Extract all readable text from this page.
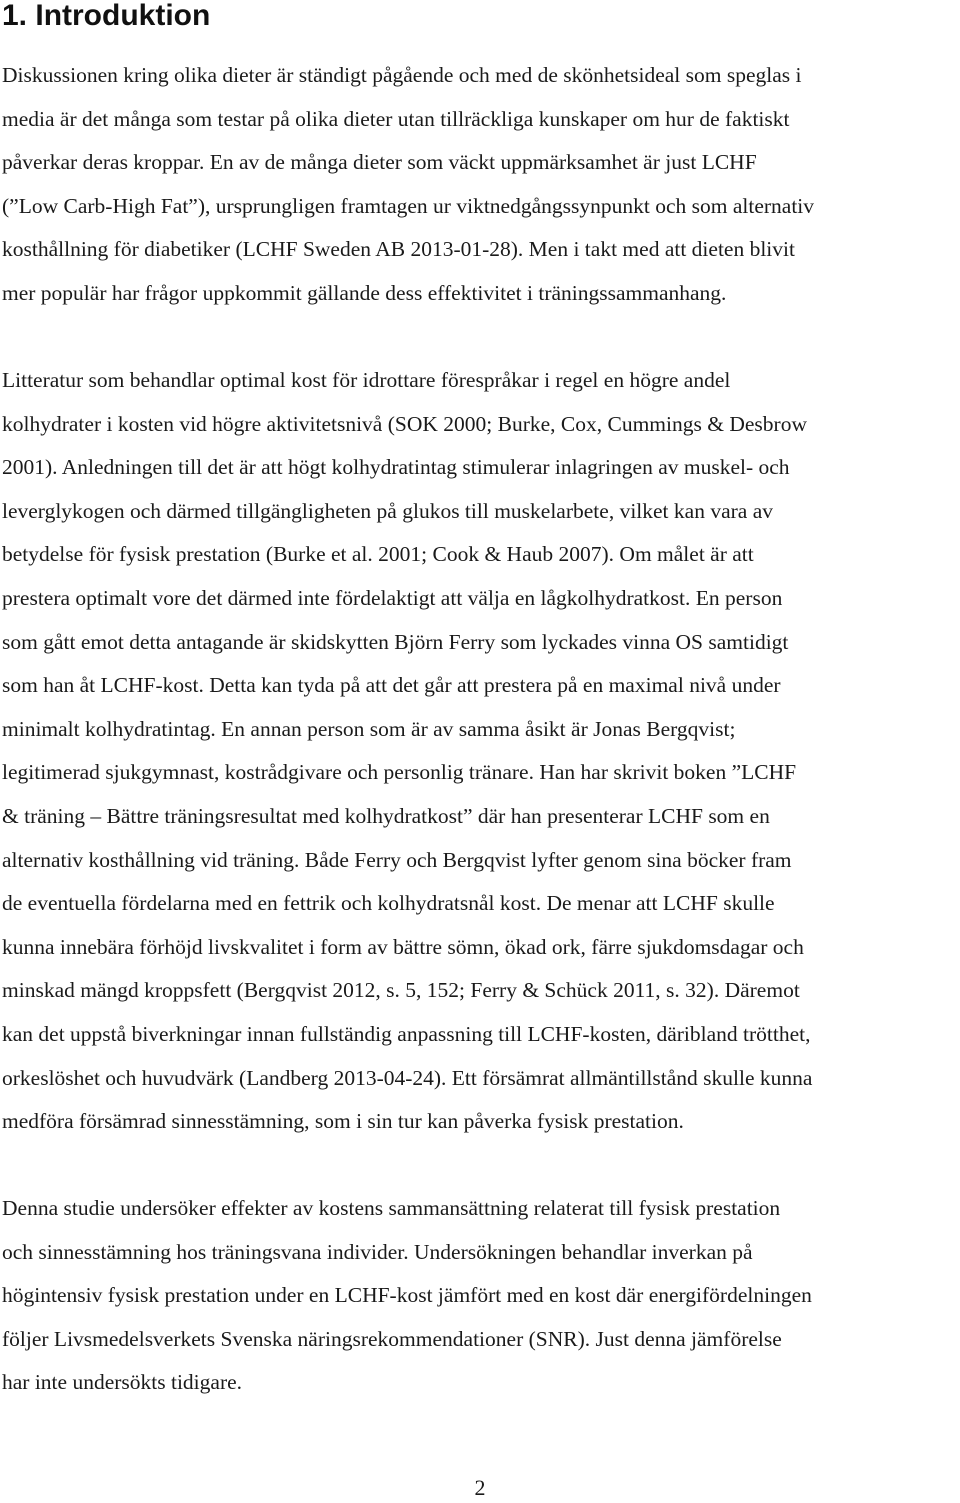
1. Introduktion

Diskussionen kring olika dieter är ständigt pågående och med de skönhetsideal som speglas i
media är det många som testar på olika dieter utan tillräckliga kunskaper om hur de faktiskt
påverkar deras kroppar. En av de många dieter som väckt uppmärksamhet är just LCHF
(”Low Carb-High Fat”), ursprungligen framtagen ur viktnedgångssynpunkt och som alternativ
kosthållning för diabetiker (LCHF Sweden AB 2013-01-28). Men i takt med att dieten blivit
mer populär har frågor uppkommit gällande dess effektivitet i träningssammanhang.

Litteratur som behandlar optimal kost för idrottare förespråkar i regel en högre andel
kolhydrater i kosten vid högre aktivitetsnivå (SOK 2000; Burke, Cox, Cummings & Desbrow
2001). Anledningen till det är att högt kolhydratintag stimulerar inlagringen av muskel- och
leverglykogen och därmed tillgängligheten på glukos till muskelarbete, vilket kan vara av
betydelse för fysisk prestation (Burke et al. 2001; Cook & Haub 2007). Om målet är att
prestera optimalt vore det därmed inte fördelaktigt att välja en lågkolhydratkost. En person
som gått emot detta antagande är skidskytten Björn Ferry som lyckades vinna OS samtidigt
som han åt LCHF-kost. Detta kan tyda på att det går att prestera på en maximal nivå under
minimalt kolhydratintag. En annan person som är av samma åsikt är Jonas Bergqvist;
legitimerad sjukgymnast, kostrådgivare och personlig tränare. Han har skrivit boken ”LCHF
& träning – Bättre träningsresultat med kolhydratkost” där han presenterar LCHF som en
alternativ kosthållning vid träning. Både Ferry och Bergqvist lyfter genom sina böcker fram
de eventuella fördelarna med en fettrik och kolhydratsnål kost. De menar att LCHF skulle
kunna innebära förhöjd livskvalitet i form av bättre sömn, ökad ork, färre sjukdomsdagar och
minskad mängd kroppsfett (Bergqvist 2012, s. 5, 152; Ferry & Schück 2011, s. 32). Däremot
kan det uppstå biverkningar innan fullständig anpassning till LCHF-kosten, däribland trötthet,
orkeslöshet och huvudvärk (Landberg 2013-04-24). Ett försämrat allmäntillstånd skulle kunna
medföra försämrad sinnesstämning, som i sin tur kan påverka fysisk prestation.

Denna studie undersöker effekter av kostens sammansättning relaterat till fysisk prestation
och sinnesstämning hos träningsvana individer. Undersökningen behandlar inverkan på
högintensiv fysisk prestation under en LCHF-kost jämfört med en kost där energifördelningen
följer Livsmedelsverkets Svenska näringsrekommendationer (SNR). Just denna jämförelse
har inte undersökts tidigare.

2
